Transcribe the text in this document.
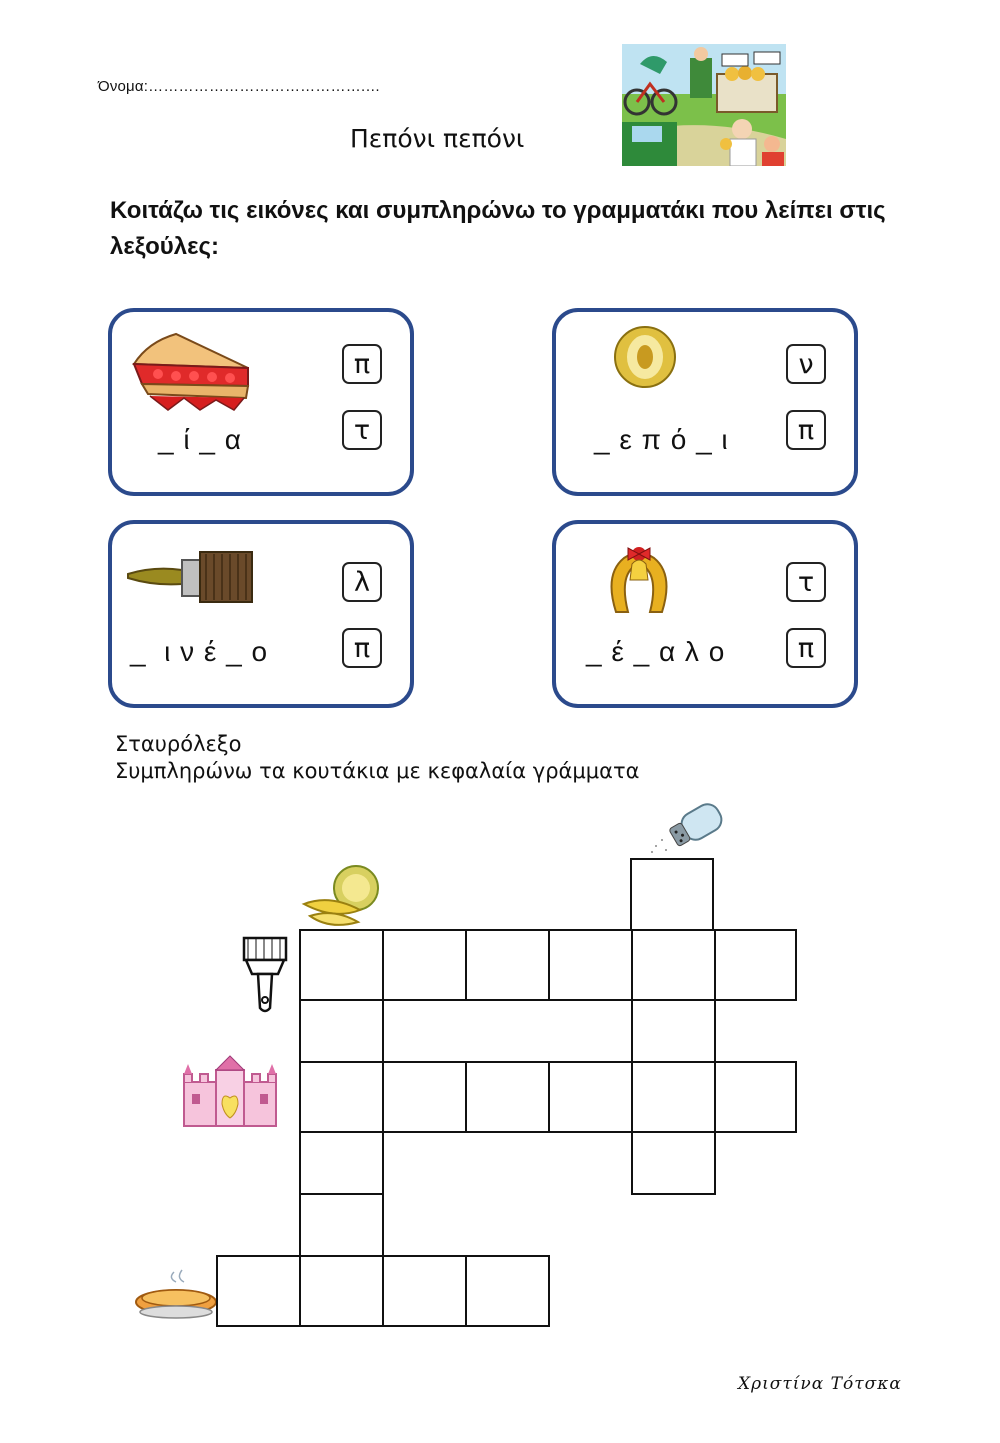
Όνομα:…………………………………….…
Πεπόνι πεπόνι
Κοιτάζω τις εικόνες και συμπληρώνω το γραμματάκι που λείπει στις λεξούλες:
_ ί _ α
π
τ	_ ε π ό _ ι
ν
π
_  ι ν έ _ ο
λ
π	_ έ _ α λ ο
τ
π
Σταυρόλεξο
Συμπληρώνω τα κουτάκια με κεφαλαία γράμματα
Χριστίνα Τότσκα
